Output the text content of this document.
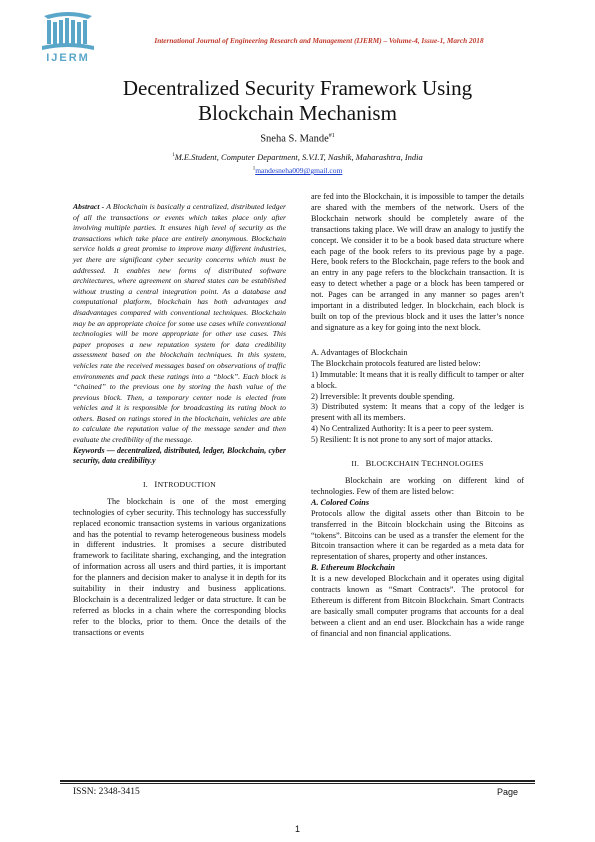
IJERM
International Journal of Engineering Research and Management (IJERM) – Volume-4, Issue-1, March 2018
Decentralized Security Framework Using
Blockchain Mechanism
Sneha S. Mande$^{\#1}$
$^1$M.E.Student, Computer Department, S.V.I.T, Nashik, Maharashtra, India
$^1$mandesneha009@gmail.com

Abstract - A Blockchain is basically a centralized, distributed ledger of all the transactions or events which takes place only after involving multiple parties. It ensures high level of security as the transactions which take place are entirely anonymous. Blockchain service holds a great promise to improve many different industries, yet there are significant cyber security concerns which must be addressed. It enables new forms of distributed software architectures, where agreement on shared states can be established without trusting a central integration point. As a database and computational platform, blockchain has both advantages and disadvantages compared with conventional techniques. Blockchain may be an appropriate choice for some use cases while conventional technologies will be more appropriate for other use cases. This paper proposes a new reputation system for data credibility assessment based on the blockchain techniques. In this system, vehicles rate the received messages based on observations of traffic environments and pack these ratings into a “block”. Each block is “chained” to the previous one by storing the hash value of the previous block. Then, a temporary center node is elected from vehicles and it is responsible for broadcasting its rating block to others. Based on ratings stored in the blockchain, vehicles are able to calculate the reputation value of the message sender and then evaluate the credibility of the message.

Keywords — decentralized, distributed, ledger, Blockchain, cyber security, data credibility.y

I. INTRODUCTION

The blockchain is one of the most emerging technologies of cyber security. This technology has successfully replaced economic transaction systems in various organizations and has the potential to revamp heterogeneous business models in different industries. It promises a secure distributed framework to facilitate sharing, exchanging, and the integration of information across all users and third parties, it is important for the planners and decision maker to analyse it in depth for its suitability in their industry and business applications. Blockchain is a decentralized ledger or data structure. It can be referred as blocks in a chain where the corresponding blocks refer to the blocks, prior to them. Once the details of the transactions or events

are fed into the Blockchain, it is impossible to tamper the details are shared with the members of the network. Users of the Blockchain network should be completely aware of the transactions taking place. We will draw an analogy to justify the concept. We consider it to be a book based data structure where each page of the book refers to its previous page by a page. Here, book refers to the Blockchain, page refers to the book and an entry in any page refers to the blockchain transaction. It is easy to detect whether a page or a block has been tampered or not. Pages can be arranged in any manner so pages aren’t important in a distributed ledger. In blockchain, each block is built on top of the previous block and it uses the latter’s nonce and signature as a key for going into the next block.

A. Advantages of Blockchain

The Blockchain protocols featured are listed below:

1) Immutable: It means that it is really difficult to tamper or alter a block.

2) Irreversible: It prevents double spending.

3) Distributed system: It means that a copy of the ledger is present with all its members.

4) No Centralized Authority: It is a peer to peer system.

5) Resilient: It is not prone to any sort of major attacks.

II. BLOCKCHAIN TECHNOLOGIES

Blockchain are working on different kind of technologies. Few of them are listed below:

A. Colored Coins

Protocols allow the digital assets other than Bitcoin to be transferred in the Bitcoin blockchain using the Bitcoins as “tokens”. Bitcoins can be used as a transfer the element for the Bitcoin transaction where it can be regarded as a meta data for representation of shares, property and other instances.

B. Ethereum Blockchain

It is a new developed Blockchain and it operates using digital contracts known as “Smart Contracts”. The protocol for Ethereum is different from Bitcoin Blockchain. Smart Contracts are basically small computer programs that accounts for a deal between a client and an end user. Blockchain has a wide range of financial and non financial applications.

ISSN: 2348-3415	Page
1
